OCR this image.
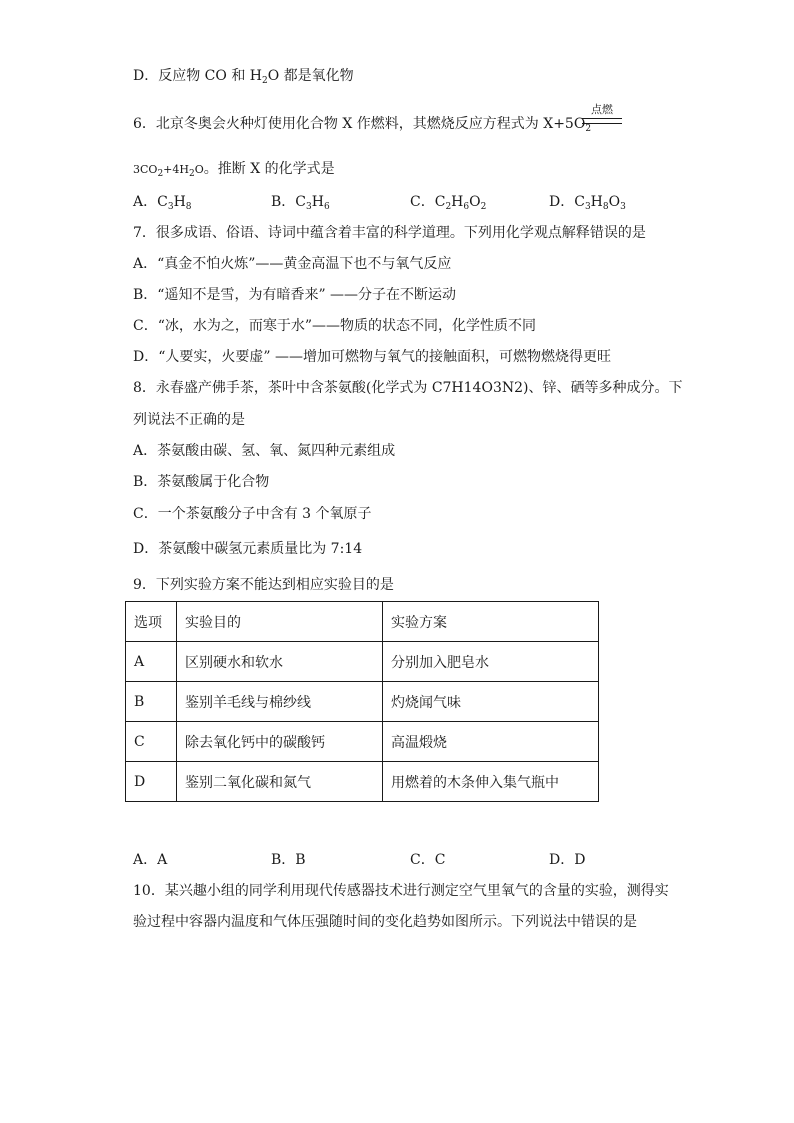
D．反应物 CO 和 $H_2O$ 都是氧化物
6．北京冬奥会火种灯使用化合物 X 作燃料，其燃烧反应方程式为 $X+5O_2$
点燃
$3CO_2+4H_2O$。推断 X 的化学式是
A．$C_3H_8$	B．$C_3H_6$	C．$C_2H_6O_2$	D．$C_3H_8O_3$
7．很多成语、俗语、诗词中蕴含着丰富的科学道理。下列用化学观点解释错误的是
A．“真金不怕火炼”——黄金高温下也不与氧气反应
B．“遥知不是雪，为有暗香来” ——分子在不断运动
C．“冰，水为之，而寒于水”——物质的状态不同，化学性质不同
D．“人要实，火要虚” ——增加可燃物与氧气的接触面积，可燃物燃烧得更旺
8．永春盛产佛手茶，茶叶中含茶氨酸(化学式为 C7H14O3N2)、锌、硒等多种成分。下
列说法不正确的是
A．茶氨酸由碳、氢、氧、氮四种元素组成
B．茶氨酸属于化合物
C．一个茶氨酸分子中含有 3 个氧原子
D．茶氨酸中碳氢元素质量比为 7:14
9．下列实验方案不能达到相应实验目的是
选项	实验目的	实验方案
A	区别硬水和软水	分别加入肥皂水
B	鉴别羊毛线与棉纱线	灼烧闻气味
C	除去氧化钙中的碳酸钙	高温煅烧
D	鉴别二氧化碳和氮气	用燃着的木条伸入集气瓶中
A．A	B．B	C．C	D．D
10．某兴趣小组的同学利用现代传感器技术进行测定空气里氧气的含量的实验，测得实
验过程中容器内温度和气体压强随时间的变化趋势如图所示。下列说法中错误的是
